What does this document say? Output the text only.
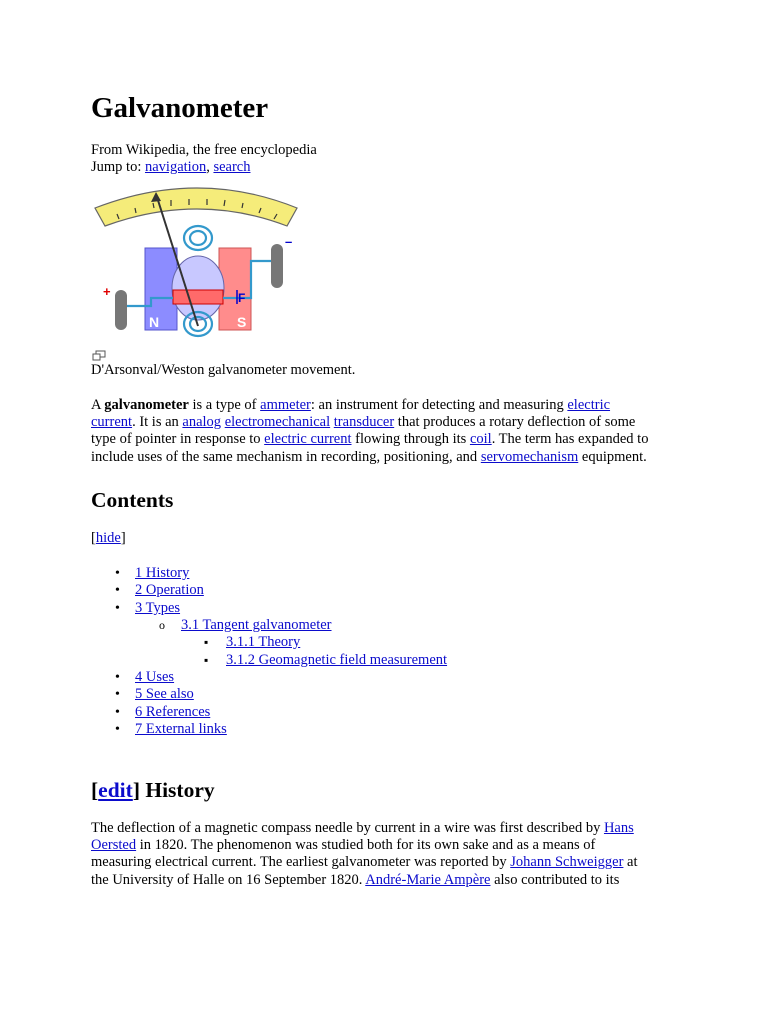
Galvanometer
From Wikipedia, the free encyclopedia
Jump to: navigation, search
+
–
N	S
F
D'Arsonval/Weston galvanometer movement.
A galvanometer is a type of ammeter: an instrument for detecting and measuring electric
current. It is an analog electromechanical transducer that produces a rotary deflection of some
type of pointer in response to electric current flowing through its coil. The term has expanded to
include uses of the same mechanism in recording, positioning, and servomechanism equipment.
Contents
[hide]
•
1 History
•
2 Operation
•
3 Types
o
3.1 Tangent galvanometer
▪
3.1.1 Theory
▪
3.1.2 Geomagnetic field measurement
•
4 Uses
•
5 See also
•
6 References
•
7 External links
[edit] History
The deflection of a magnetic compass needle by current in a wire was first described by Hans
Oersted in 1820. The phenomenon was studied both for its own sake and as a means of
measuring electrical current. The earliest galvanometer was reported by Johann Schweigger at
the University of Halle on 16 September 1820. André-Marie Ampère also contributed to its
